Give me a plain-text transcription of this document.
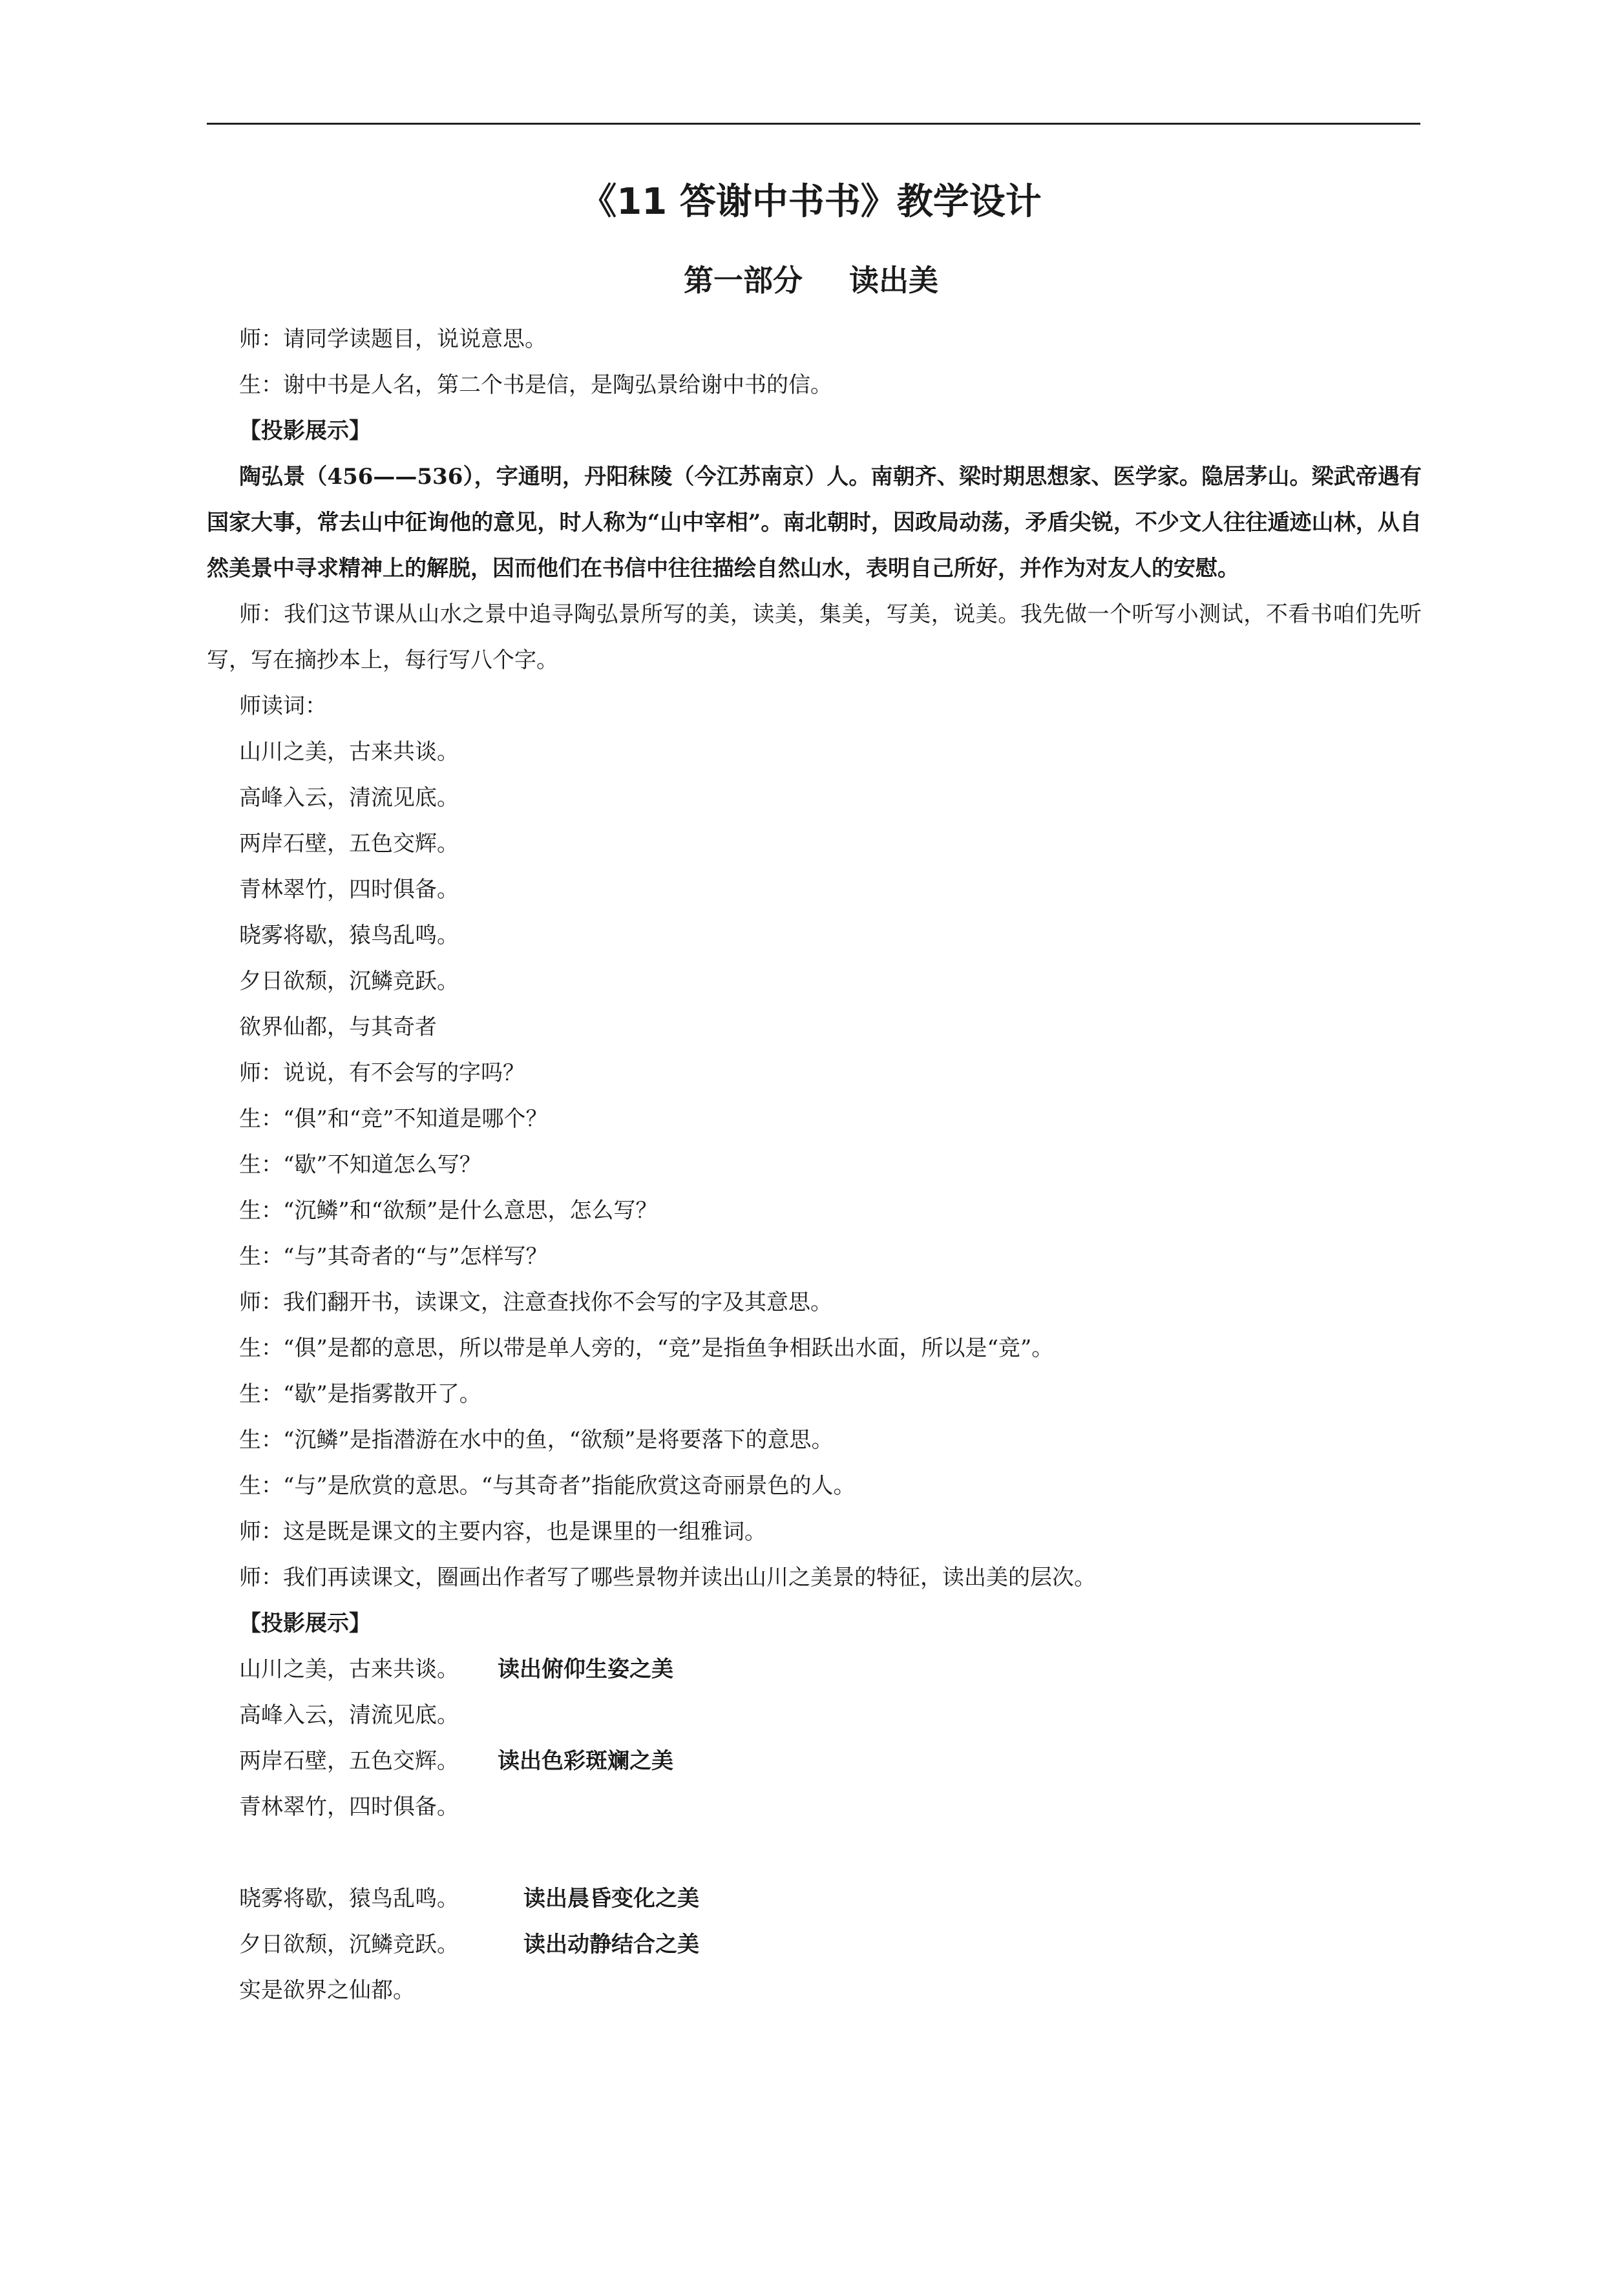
《11 答谢中书书》教学设计
第一部分 读出美
师：请同学读题目，说说意思。
生：谢中书是人名，第二个书是信，是陶弘景给谢中书的信。
【投影展示】
陶弘景（456——536），字通明，丹阳秣陵（今江苏南京）人。南朝齐、梁时期思想家、医学家。隐居茅山。梁武帝遇有国家大事，常去山中征询他的意见，时人称为“山中宰相”。南北朝时，因政局动荡，矛盾尖锐，不少文人往往遁迹山林，从自然美景中寻求精神上的解脱，因而他们在书信中往往描绘自然山水，表明自己所好，并作为对友人的安慰。
师：我们这节课从山水之景中追寻陶弘景所写的美，读美，集美，写美，说美。我先做一个听写小测试，不看书咱们先听写，写在摘抄本上，每行写八个字。
师读词：
山川之美，古来共谈。
高峰入云，清流见底。
两岸石壁，五色交辉。
青林翠竹，四时俱备。
晓雾将歇，猿鸟乱鸣。
夕日欲颓，沉鳞竞跃。
欲界仙都，与其奇者
师：说说，有不会写的字吗？
生：“俱”和“竞”不知道是哪个？
生：“歇”不知道怎么写？
生：“沉鳞”和“欲颓”是什么意思，怎么写？
生：“与”其奇者的“与”怎样写？
师：我们翻开书，读课文，注意查找你不会写的字及其意思。
生：“俱”是都的意思，所以带是单人旁的，“竞”是指鱼争相跃出水面，所以是“竞”。
生：“歇”是指雾散开了。
生：“沉鳞”是指潜游在水中的鱼，“欲颓”是将要落下的意思。
生：“与”是欣赏的意思。“与其奇者”指能欣赏这奇丽景色的人。
师：这是既是课文的主要内容，也是课里的一组雅词。
师：我们再读课文，圈画出作者写了哪些景物并读出山川之美景的特征，读出美的层次。
【投影展示】
山川之美，古来共谈。 读出俯仰生姿之美
高峰入云，清流见底。
两岸石壁，五色交辉。 读出色彩斑斓之美
青林翠竹，四时俱备。
晓雾将歇，猿鸟乱鸣。	读出晨昏变化之美
夕日欲颓，沉鳞竞跃。	读出动静结合之美
实是欲界之仙都。
